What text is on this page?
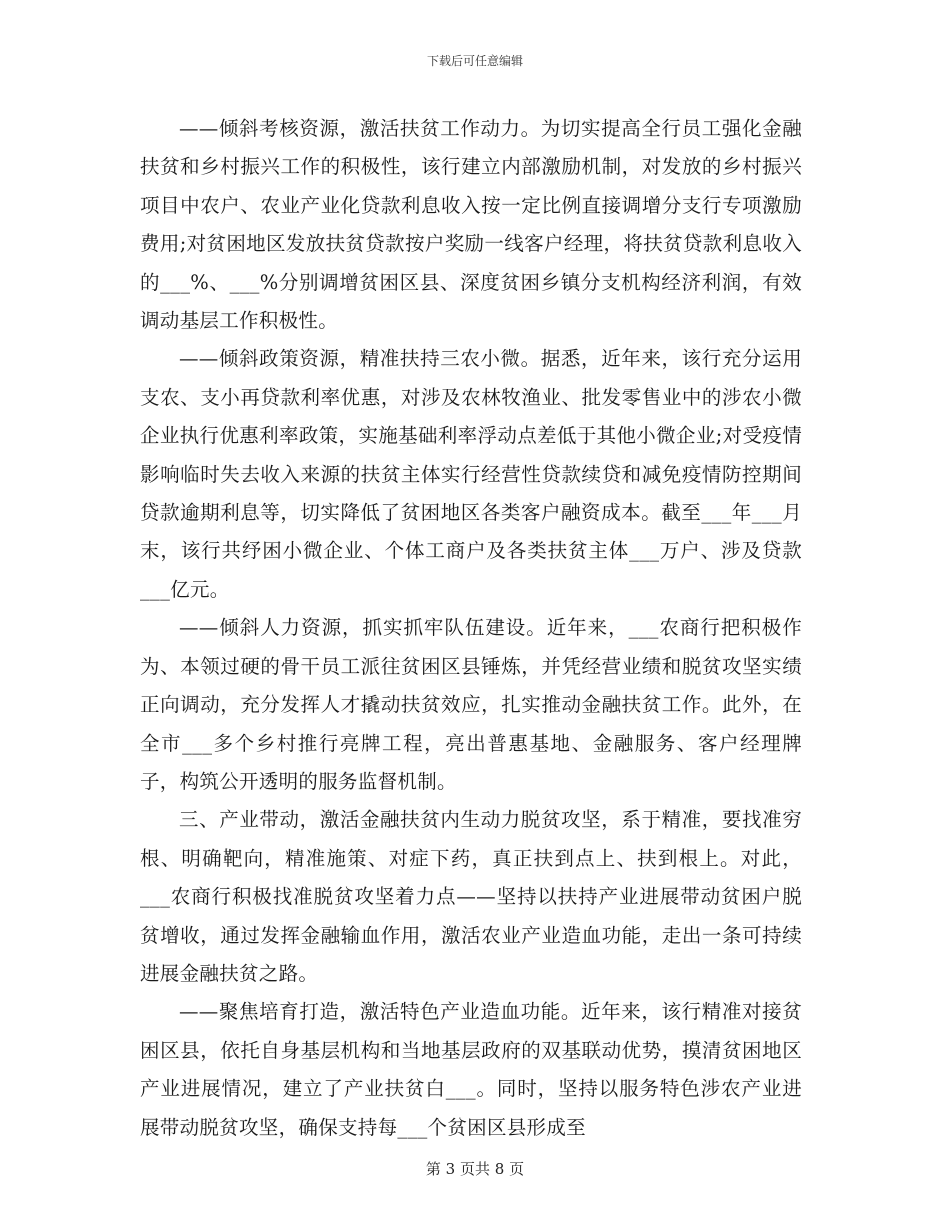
下载后可任意编辑

——倾斜考核资源，激活扶贫工作动力。为切实提高全行员工强化金融扶贫和乡村振兴工作的积极性，该行建立内部激励机制，对发放的乡村振兴项目中农户、农业产业化贷款利息收入按一定比例直接调增分支行专项激励费用;对贫困地区发放扶贫贷款按户奖励一线客户经理，将扶贫贷款利息收入的___%、___%分别调增贫困区县、深度贫困乡镇分支机构经济利润，有效调动基层工作积极性。

——倾斜政策资源，精准扶持三农小微。据悉，近年来，该行充分运用支农、支小再贷款利率优惠，对涉及农林牧渔业、批发零售业中的涉农小微企业执行优惠利率政策，实施基础利率浮动点差低于其他小微企业;对受疫情影响临时失去收入来源的扶贫主体实行经营性贷款续贷和减免疫情防控期间贷款逾期利息等，切实降低了贫困地区各类客户融资成本。截至___年___月末，该行共纾困小微企业、个体工商户及各类扶贫主体___万户、涉及贷款___亿元。

——倾斜人力资源，抓实抓牢队伍建设。近年来，___农商行把积极作为、本领过硬的骨干员工派往贫困区县锤炼，并凭经营业绩和脱贫攻坚实绩正向调动，充分发挥人才撬动扶贫效应，扎实推动金融扶贫工作。此外，在全市___多个乡村推行亮牌工程，亮出普惠基地、金融服务、客户经理牌子，构筑公开透明的服务监督机制。

三、产业带动，激活金融扶贫内生动力脱贫攻坚，系于精准，要找准穷根、明确靶向，精准施策、对症下药，真正扶到点上、扶到根上。对此，___农商行积极找准脱贫攻坚着力点——坚持以扶持产业进展带动贫困户脱贫增收，通过发挥金融输血作用，激活农业产业造血功能，走出一条可持续进展金融扶贫之路。

——聚焦培育打造，激活特色产业造血功能。近年来，该行精准对接贫困区县，依托自身基层机构和当地基层政府的双基联动优势，摸清贫困地区产业进展情况，建立了产业扶贫白___。同时，坚持以服务特色涉农产业进展带动脱贫攻坚，确保支持每___个贫困区县形成至

第 3 页共 8 页
